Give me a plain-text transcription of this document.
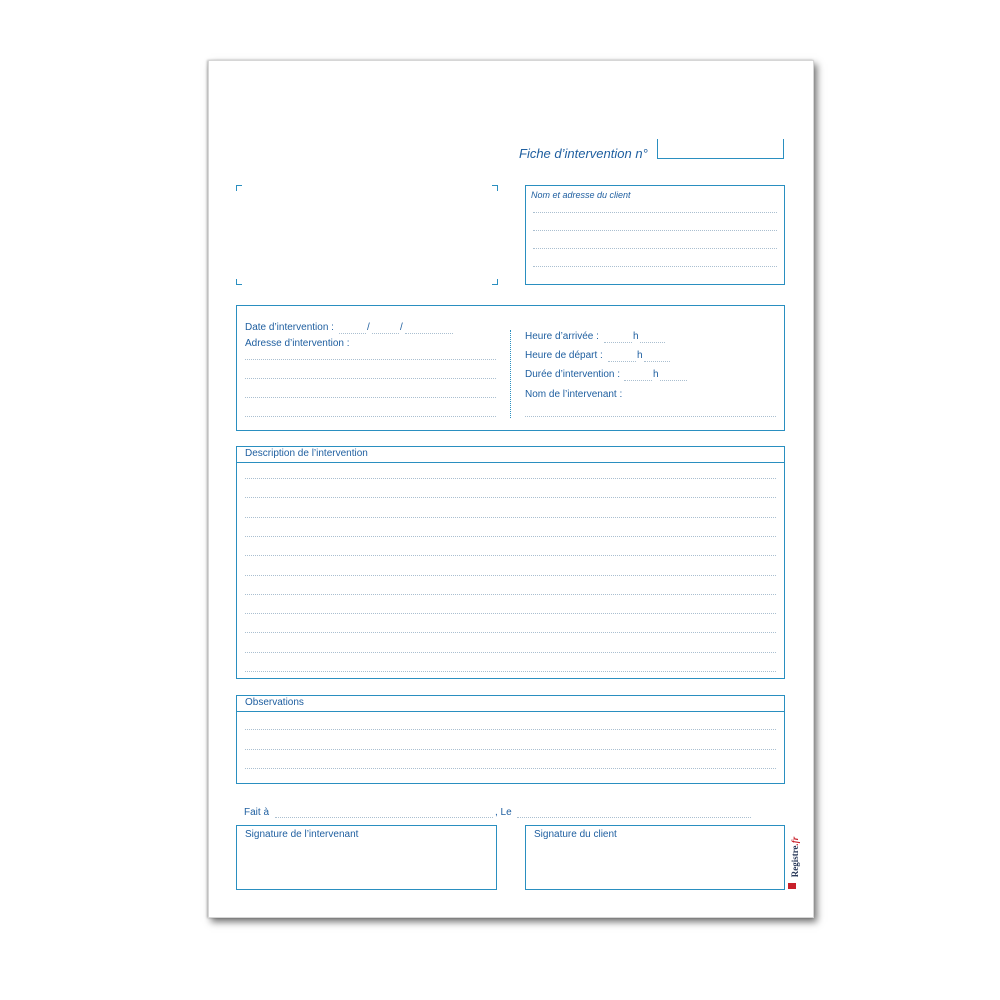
Fiche d’intervention n°
Nom et adresse du client
Date d’intervention :	/	/
Adresse d’intervention :
Heure d’arrivée :	h
Heure de départ :	h
Durée d’intervention :	h
Nom de l’intervenant :
Description de l’intervention
Observations
Fait à	, Le
Signature de l’intervenant	Signature du client
Registre.fr
